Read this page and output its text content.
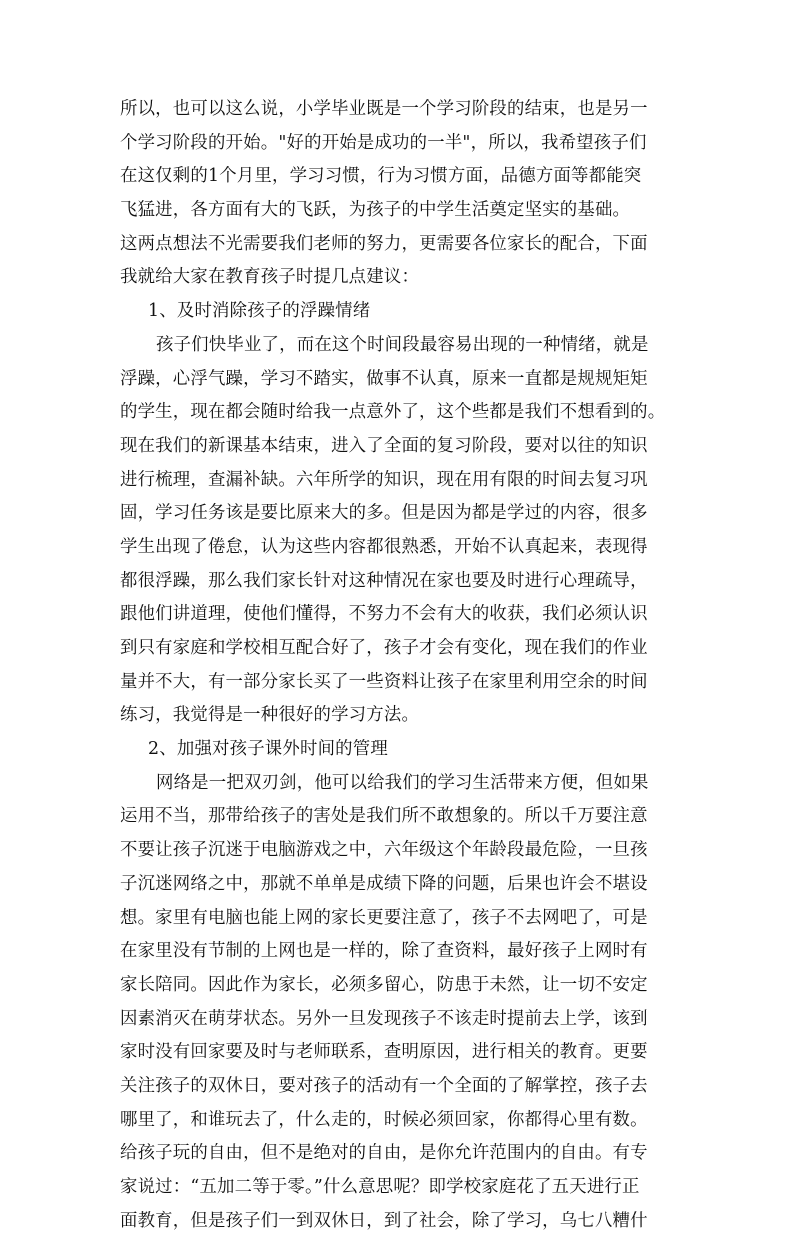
所以，也可以这么说，小学毕业既是一个学习阶段的结束，也是另一
个学习阶段的开始。"好的开始是成功的一半"，所以，我希望孩子们
在这仅剩的1个月里，学习习惯，行为习惯方面，品德方面等都能突
飞猛进，各方面有大的飞跃，为孩子的中学生活奠定坚实的基础。
这两点想法不光需要我们老师的努力，更需要各位家长的配合，下面
我就给大家在教育孩子时提几点建议：
1、及时消除孩子的浮躁情绪
孩子们快毕业了，而在这个时间段最容易出现的一种情绪，就是
浮躁，心浮气躁，学习不踏实，做事不认真，原来一直都是规规矩矩
的学生，现在都会随时给我一点意外了，这个些都是我们不想看到的。
现在我们的新课基本结束，进入了全面的复习阶段，要对以往的知识
进行梳理，查漏补缺。六年所学的知识，现在用有限的时间去复习巩
固，学习任务该是要比原来大的多。但是因为都是学过的内容，很多
学生出现了倦怠，认为这些内容都很熟悉，开始不认真起来，表现得
都很浮躁，那么我们家长针对这种情况在家也要及时进行心理疏导，
跟他们讲道理，使他们懂得，不努力不会有大的收获，我们必须认识
到只有家庭和学校相互配合好了，孩子才会有变化，现在我们的作业
量并不大，有一部分家长买了一些资料让孩子在家里利用空余的时间
练习，我觉得是一种很好的学习方法。
2、加强对孩子课外时间的管理
网络是一把双刃剑，他可以给我们的学习生活带来方便，但如果
运用不当，那带给孩子的害处是我们所不敢想象的。所以千万要注意
不要让孩子沉迷于电脑游戏之中，六年级这个年龄段最危险，一旦孩
子沉迷网络之中，那就不单单是成绩下降的问题，后果也许会不堪设
想。家里有电脑也能上网的家长更要注意了，孩子不去网吧了，可是
在家里没有节制的上网也是一样的，除了查资料，最好孩子上网时有
家长陪同。因此作为家长，必须多留心，防患于未然，让一切不安定
因素消灭在萌芽状态。另外一旦发现孩子不该走时提前去上学，该到
家时没有回家要及时与老师联系，查明原因，进行相关的教育。更要
关注孩子的双休日，要对孩子的活动有一个全面的了解掌控，孩子去
哪里了，和谁玩去了，什么走的，时候必须回家，你都得心里有数。
给孩子玩的自由，但不是绝对的自由，是你允许范围内的自由。有专
家说过：“五加二等于零。”什么意思呢？即学校家庭花了五天进行正
面教育，但是孩子们一到双休日，到了社会，除了学习，乌七八糟什
